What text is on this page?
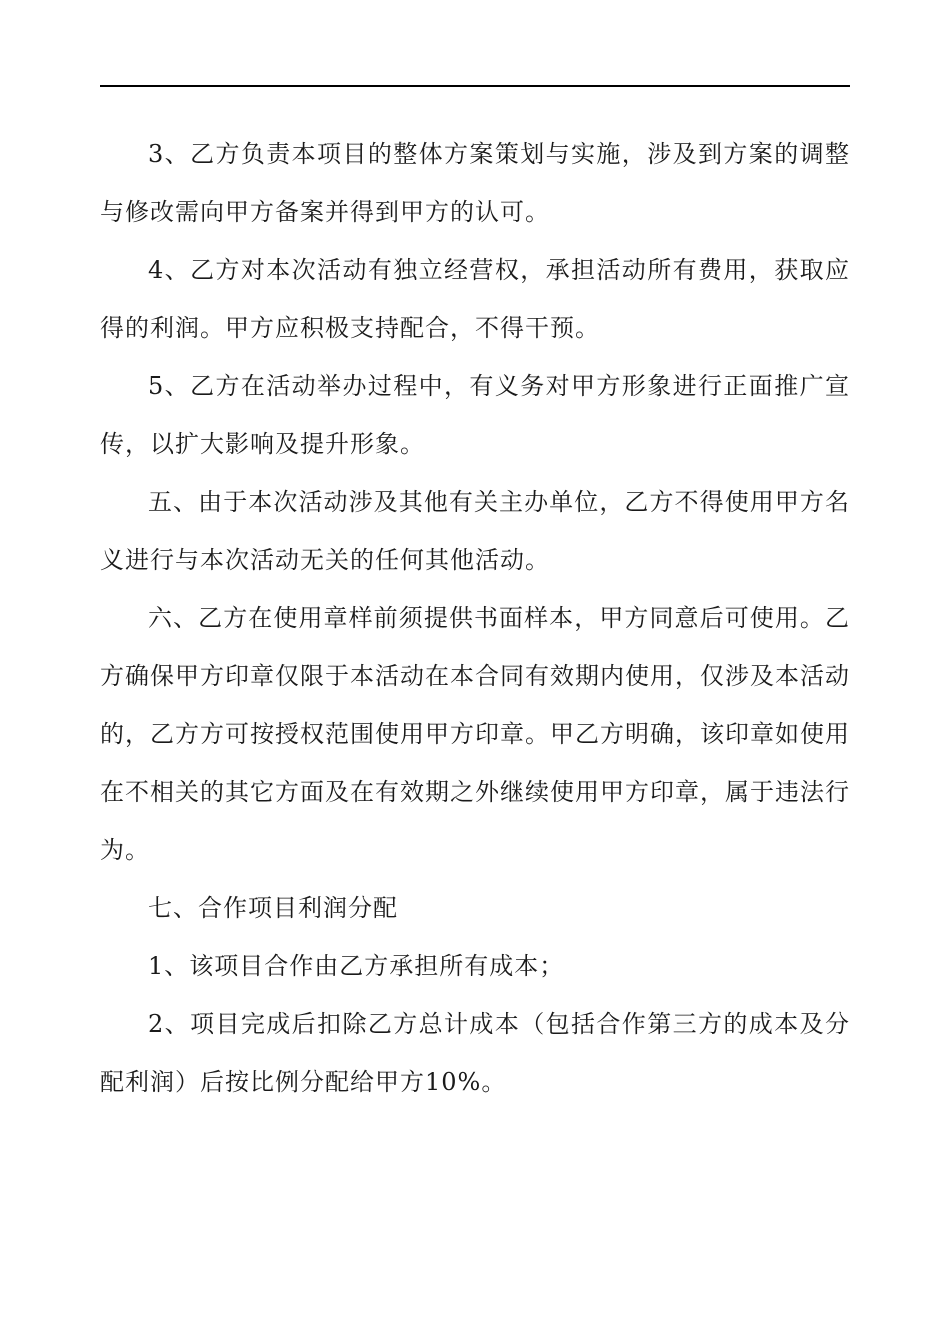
3、乙方负责本项目的整体方案策划与实施，涉及到方案的调整与修改需向甲方备案并得到甲方的认可。

4、乙方对本次活动有独立经营权，承担活动所有费用，获取应得的利润。甲方应积极支持配合，不得干预。

5、乙方在活动举办过程中，有义务对甲方形象进行正面推广宣传，以扩大影响及提升形象。

五、由于本次活动涉及其他有关主办单位，乙方不得使用甲方名义进行与本次活动无关的任何其他活动。

六、乙方在使用章样前须提供书面样本，甲方同意后可使用。乙方确保甲方印章仅限于本活动在本合同有效期内使用，仅涉及本活动的，乙方方可按授权范围使用甲方印章。甲乙方明确，该印章如使用在不相关的其它方面及在有效期之外继续使用甲方印章，属于违法行为。

七、合作项目利润分配

1、该项目合作由乙方承担所有成本；

2、项目完成后扣除乙方总计成本（包括合作第三方的成本及分配利润）后按比例分配给甲方10%。
